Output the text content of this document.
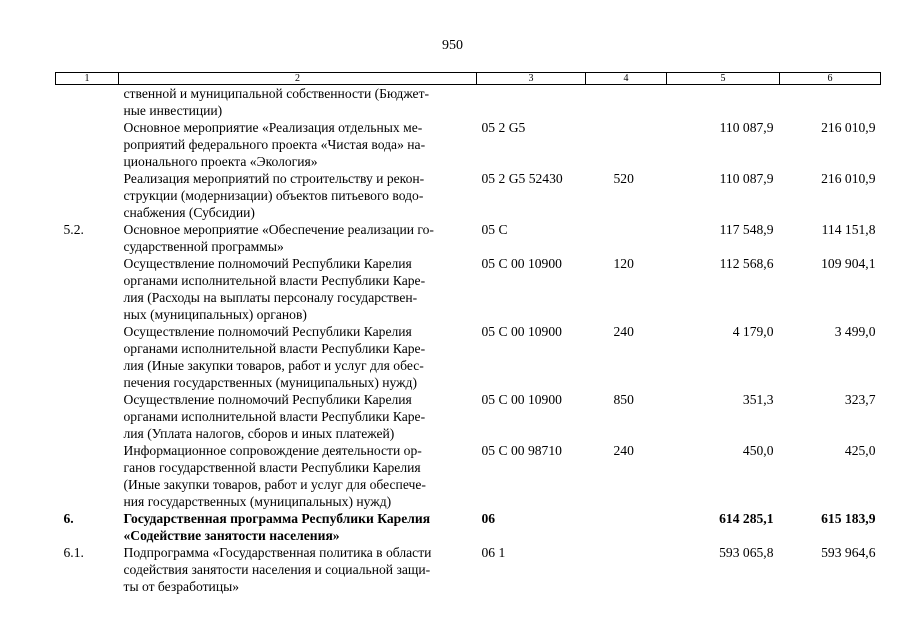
950
1	2	3	4	5	6

	ственной и муниципальной собственности (Бюджет-
ные инвестиции)				

	Основное мероприятие «Реализация отдельных ме-
роприятий федерального проекта «Чистая вода» на-
ционального проекта «Экология»	05 2 G5		110 087,9	216 010,9

	Реализация мероприятий по строительству и рекон-
струкции (модернизации) объектов питьевого водо-
снабжения (Субсидии)	05 2 G5 52430	520	110 087,9	216 010,9
5.2.	Основное мероприятие «Обеспечение реализации го-
сударственной программы»	05 C		117 548,9	114 151,8

	Осуществление полномочий Республики Карелия
органами исполнительной власти Республики Каре-
лия (Расходы на выплаты персоналу государствен-
ных (муниципальных) органов)	05 C 00 10900	120	112 568,6	109 904,1

	Осуществление полномочий Республики Карелия
органами исполнительной власти Республики Каре-
лия (Иные закупки товаров, работ и услуг для обес-
печения государственных (муниципальных) нужд)	05 C 00 10900	240	4 179,0	3 499,0

	Осуществление полномочий Республики Карелия
органами исполнительной власти Республики Каре-
лия (Уплата налогов, сборов и иных платежей)	05 C 00 10900	850	351,3	323,7

	Информационное сопровождение деятельности ор-
ганов государственной власти Республики Карелия
(Иные закупки товаров, работ и услуг для обеспече-
ния государственных (муниципальных) нужд)	05 C 00 98710	240	450,0	425,0
6.	Государственная программа Республики Карелия
«Содействие занятости населения»	06		614 285,1	615 183,9
6.1.	Подпрограмма «Государственная политика в области
содействия занятости населения и социальной защи-
ты от безработицы»	06 1		593 065,8	593 964,6
